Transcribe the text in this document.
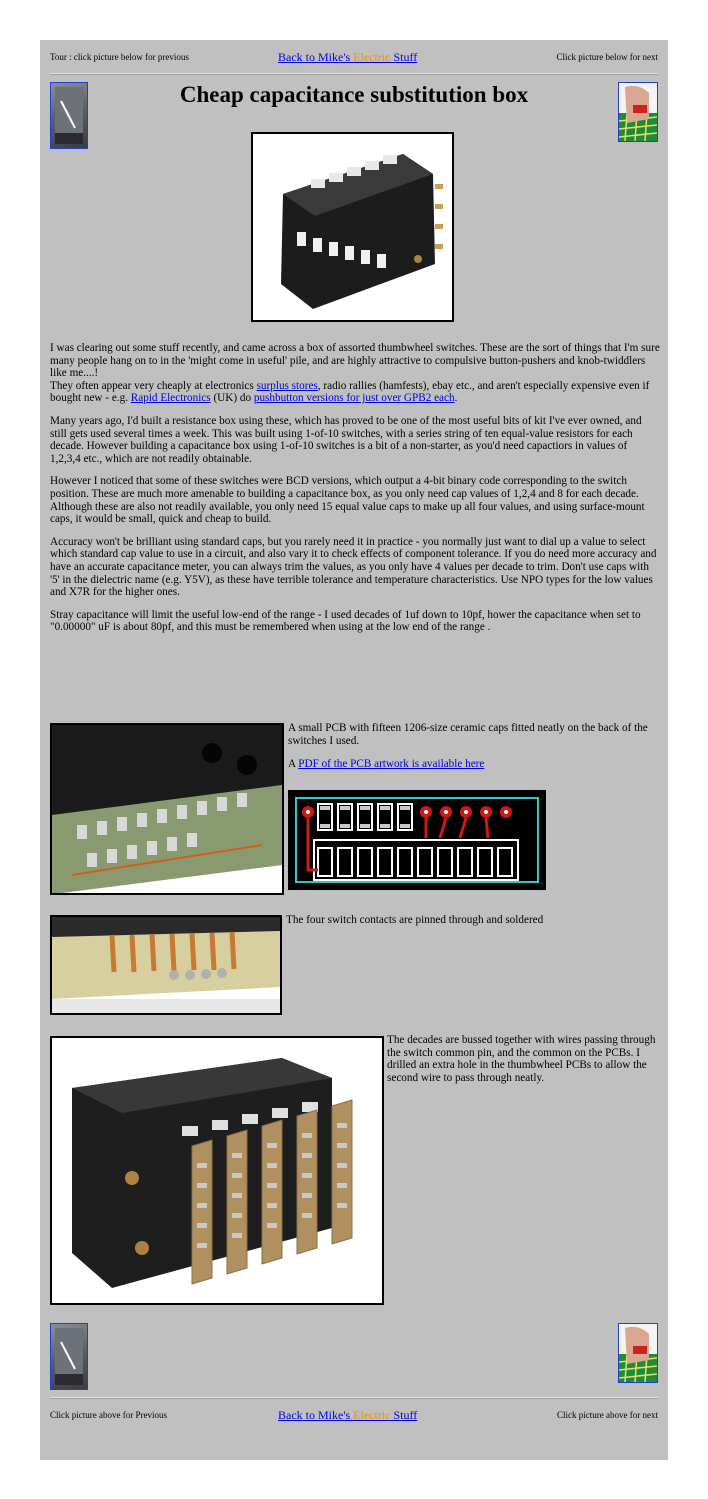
Tour : click picture below for previous	Back to Mike's Electric Stuff	Click picture below for next
Cheap capacitance substitution box

I was clearing out some stuff recently, and came across a box of assorted thumbwheel switches. These are the sort of things that I'm sure many people hang on to in the 'might come in useful' pile, and are highly attractive to compulsive button-pushers and knob-twiddlers like me....!
They often appear very cheaply at electronics surplus stores, radio rallies (hamfests), ebay etc., and aren't especially expensive even if bought new - e.g. Rapid Electronics (UK) do pushbutton versions for just over GPB2 each.

Many years ago, I'd built a resistance box using these, which has proved to be one of the most useful bits of kit I've ever owned, and still gets used several times a week. This was built using 1-of-10 switches, with a series string of ten equal-value resistors for each decade. However building a capacitance box using 1-of-10 switches is a bit of a non-starter, as you'd need capactiors in values of 1,2,3,4 etc., which are not readily obtainable.

However I noticed that some of these switches were BCD versions, which output a 4-bit binary code corresponding to the switch position. These are much more amenable to building a capacitance box, as you only need cap values of 1,2,4 and 8 for each decade. Although these are also not readily available, you only need 15 equal value caps to make up all four values, and using surface-mount caps, it would be small, quick and cheap to build.

Accuracy won't be brilliant using standard caps, but you rarely need it in practice - you normally just want to dial up a value to select which standard cap value to use in a circuit, and also vary it to check effects of component tolerance. If you do need more accuracy and have an accurate capacitance meter, you can always trim the values, as you only have 4 values per decade to trim. Don't use caps with '5' in the dielectric name (e.g. Y5V), as these have terrible tolerance and temperature characteristics. Use NPO types for the low values and X7R for the higher ones.

Stray capacitance will limit the useful low-end of the range - I used decades of 1uf down to 10pf, hower the capacitance when set to "0.00000" uF is about 80pf, and this must be remembered when using at the low end of the range .

A small PCB with fifteen 1206-size ceramic caps fitted neatly on the back of the switches I used.

A PDF of the PCB artwork is available here

The four switch contacts are pinned through and soldered
The decades are bussed together with wires passing through the switch common pin, and the common on the PCBs. I drilled an extra hole in the thumbwheel PCBs to allow the second wire to pass through neatly.
Click picture above for Previous	Back to Mike's Electric Stuff	Click picture above for next
